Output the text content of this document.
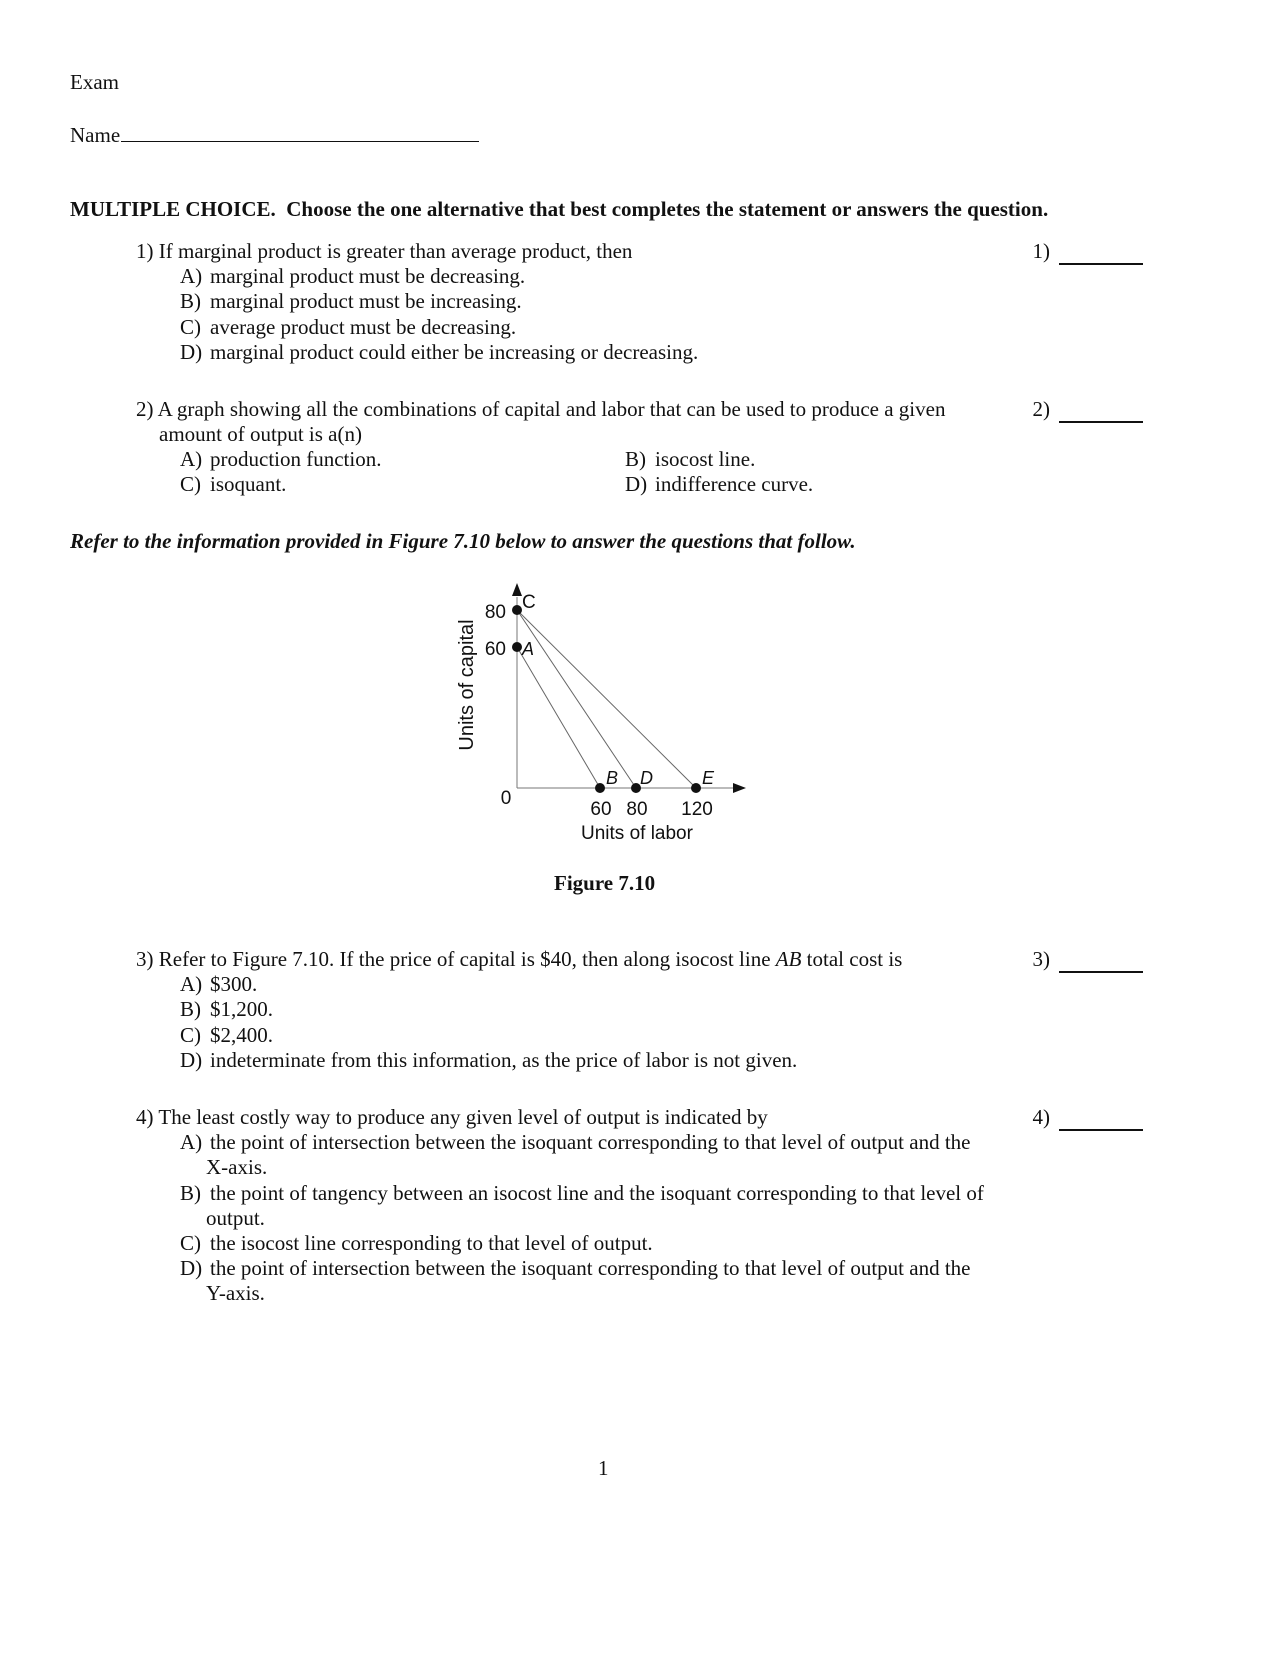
Exam
Name
MULTIPLE CHOICE. Choose the one alternative that best completes the statement or answers the question.
1) If marginal product is greater than average product, then	1)
A) marginal product must be decreasing.
B) marginal product must be increasing.
C) average product must be decreasing.
D) marginal product could either be increasing or decreasing.
2) A graph showing all the combinations of capital and labor that can be used to produce a given
amount of output is a(n)
2)
A) production function.	B) isocost line.
C) isoquant.	D) indifference curve.
Refer to the information provided in Figure 7.10 below to answer the questions that follow.
Units of capital
80
60
C
A
B D	E
0
60 80 120
Units of labor
Figure 7.10
3) Refer to Figure 7.10. If the price of capital is $40, then along isocost line AB total cost is	3)
A) $300.
B) $1,200.
C) $2,400.
D) indeterminate from this information, as the price of labor is not given.
4) The least costly way to produce any given level of output is indicated by	4)
A) the point of intersection between the isoquant corresponding to that level of output and the
X-axis.
B) the point of tangency between an isocost line and the isoquant corresponding to that level of
output.
C) the isocost line corresponding to that level of output.
D) the point of intersection between the isoquant corresponding to that level of output and the
Y-axis.
1
